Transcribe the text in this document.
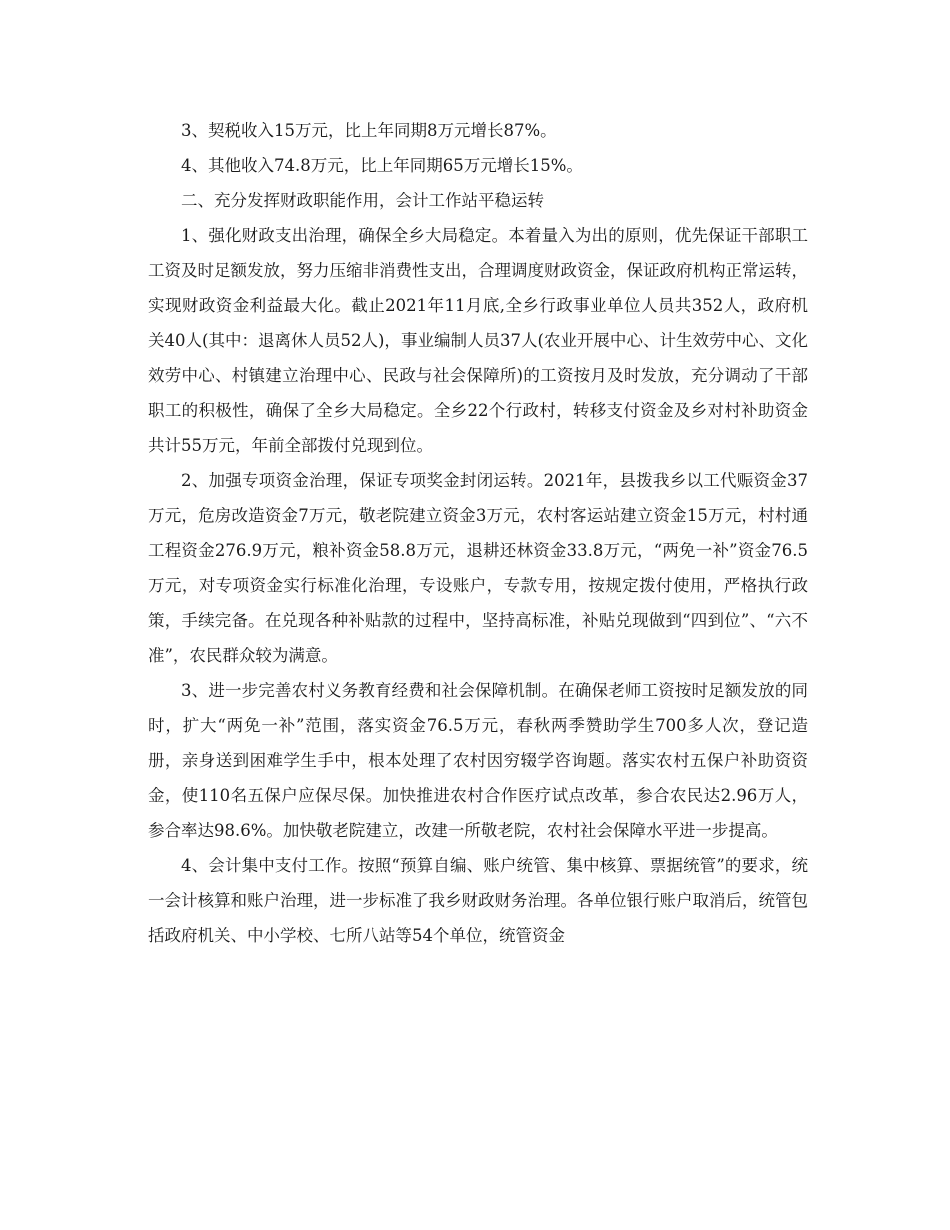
3、契税收入15万元，比上年同期8万元增长87%。

4、其他收入74.8万元，比上年同期65万元增长15%。

二、充分发挥财政职能作用，会计工作站平稳运转

1、强化财政支出治理，确保全乡大局稳定。本着量入为出的原则，优先保证干部职工工资及时足额发放，努力压缩非消费性支出，合理调度财政资金，保证政府机构正常运转，实现财政资金利益最大化。截止2021年11月底,全乡行政事业单位人员共352人，政府机关40人(其中：退离休人员52人)，事业编制人员37人(农业开展中心、计生效劳中心、文化效劳中心、村镇建立治理中心、民政与社会保障所)的工资按月及时发放，充分调动了干部职工的积极性，确保了全乡大局稳定。全乡22个行政村，转移支付资金及乡对村补助资金共计55万元，年前全部拨付兑现到位。

2、加强专项资金治理，保证专项奖金封闭运转。2021年，县拨我乡以工代赈资金37万元，危房改造资金7万元，敬老院建立资金3万元，农村客运站建立资金15万元，村村通工程资金276.9万元，粮补资金58.8万元，退耕还林资金33.8万元，“两免一补”资金76.5万元，对专项资金实行标准化治理，专设账户，专款专用，按规定拨付使用，严格执行政策，手续完备。在兑现各种补贴款的过程中，坚持高标准，补贴兑现做到“四到位”、“六不准”，农民群众较为满意。

3、进一步完善农村义务教育经费和社会保障机制。在确保老师工资按时足额发放的同时，扩大“两免一补”范围，落实资金76.5万元，春秋两季赞助学生700多人次，登记造册，亲身送到困难学生手中，根本处理了农村因穷辍学咨询题。落实农村五保户补助资资金，使110名五保户应保尽保。加快推进农村合作医疗试点改革，参合农民达2.96万人，参合率达98.6%。加快敬老院建立，改建一所敬老院，农村社会保障水平进一步提高。

4、会计集中支付工作。按照“预算自编、账户统管、集中核算、票据统管”的要求，统一会计核算和账户治理，进一步标准了我乡财政财务治理。各单位银行账户取消后，统管包括政府机关、中小学校、七所八站等54个单位，统管资金
